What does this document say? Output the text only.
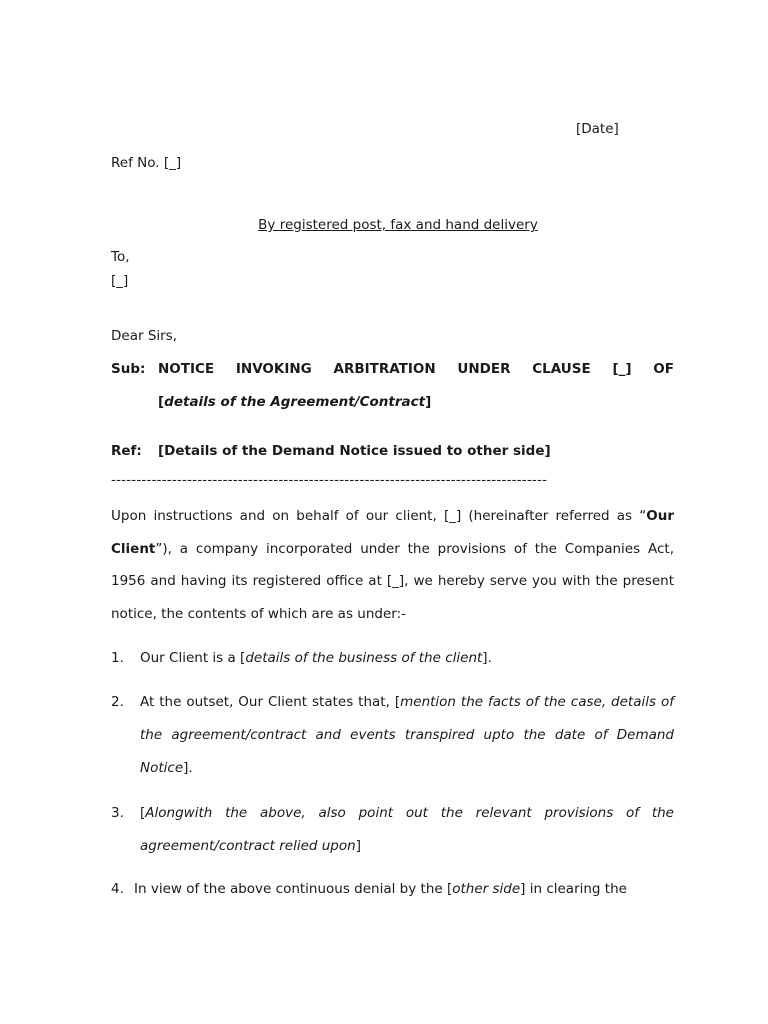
[Date]
Ref No. [_]
By registered post, fax and hand delivery
To,
[_]
Dear Sirs,
Sub: NOTICE INVOKING ARBITRATION UNDER CLAUSE [_] OF
[details of the Agreement/Contract]
Ref:	[Details of the Demand Notice issued to other side]
--------------------------------------------------------------------------------------
Upon instructions and on behalf of our client, [_] (hereinafter referred as “Our Client”), a company incorporated under the provisions of the Companies Act, 1956 and having its registered office at [_], we hereby serve you with the present notice, the contents of which are as under:-
1. Our Client is a [details of the business of the client].
2. At the outset, Our Client states that, [mention the facts of the case, details of the agreement/contract and events transpired upto the date of Demand Notice].
3. [Alongwith the above, also point out the relevant provisions of the agreement/contract relied upon]
4. In view of the above continuous denial by the [other side] in clearing the
